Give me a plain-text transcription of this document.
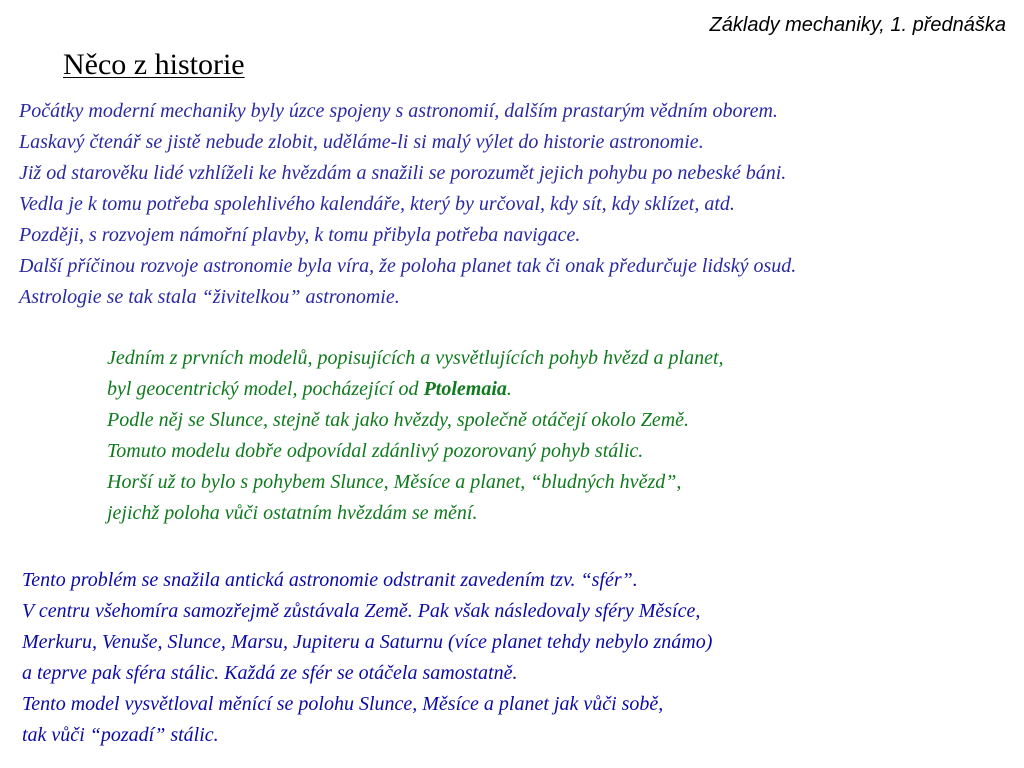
Základy mechaniky, 1. přednáška
Něco z historie
Počátky moderní mechaniky byly úzce spojeny s astronomií, dalším prastarým vědním oborem.
Laskavý čtenář se jistě nebude zlobit, uděláme-li si malý výlet do historie astronomie.
Již od starověku lidé vzhlíželi ke hvězdám a snažili se porozumět jejich pohybu po nebeské báni.
Vedla je k tomu potřeba spolehlivého kalendáře, který by určoval, kdy sít, kdy sklízet, atd.
Později, s rozvojem námořní plavby, k tomu přibyla potřeba navigace.
Další příčinou rozvoje astronomie byla víra, že poloha planet tak či onak předurčuje lidský osud.
Astrologie se tak stala “živitelkou” astronomie.
Jedním z prvních modelů, popisujících a vysvětlujících pohyb hvězd a planet,
byl geocentrický model, pocházející od Ptolemaia.
Podle něj se Slunce, stejně tak jako hvězdy, společně otáčejí okolo Země.
Tomuto modelu dobře odpovídal zdánlivý pozorovaný pohyb stálic.
Horší už to bylo s pohybem Slunce, Měsíce a planet, “bludných hvězd”,
jejichž poloha vůči ostatním hvězdám se mění.
Tento problém se snažila antická astronomie odstranit zavedením tzv. “sfér”.
V centru všehomíra samozřejmě zůstávala Země. Pak však následovaly sféry Měsíce,
Merkuru, Venuše, Slunce, Marsu, Jupiteru a Saturnu (více planet tehdy nebylo známo)
a teprve pak sféra stálic. Každá ze sfér se otáčela samostatně.
Tento model vysvětloval měnící se polohu Slunce, Měsíce a planet jak vůči sobě,
tak vůči “pozadí” stálic.
